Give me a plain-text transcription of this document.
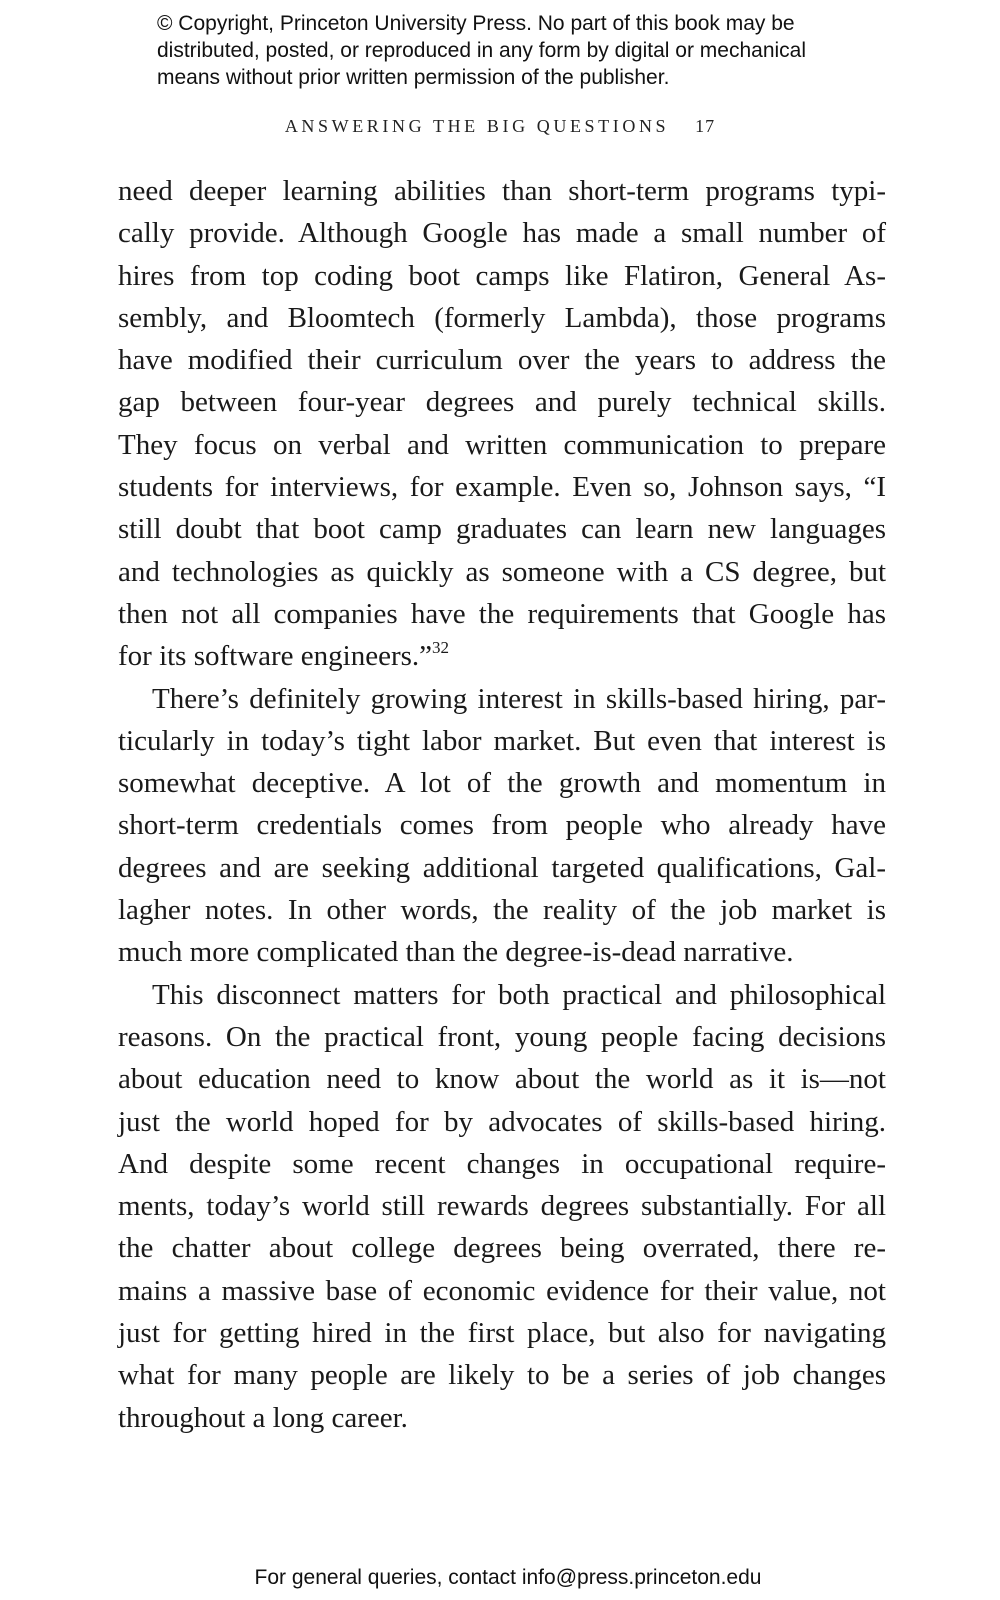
© Copyright, Princeton University Press. No part of this book may be
distributed, posted, or reproduced in any form by digital or mechanical
means without prior written permission of the publisher.
ANSWERING THE BIG QUESTIONS 17
need deeper learning abilities than short-term programs typi-
cally provide. Although Google has made a small number of
hires from top coding boot camps like Flatiron, General As-
sembly, and Bloomtech (formerly Lambda), those programs
have modified their curriculum over the years to address the
gap between four-year degrees and purely technical skills.
They focus on verbal and written communication to prepare
students for interviews, for example. Even so, Johnson says, “I
still doubt that boot camp graduates can learn new languages
and technologies as quickly as someone with a CS degree, but
then not all companies have the requirements that Google has
for its software engineers.”$^{32}$
There’s definitely growing interest in skills-based hiring, par-
ticularly in today’s tight labor market. But even that interest is
somewhat deceptive. A lot of the growth and momentum in
short-term credentials comes from people who already have
degrees and are seeking additional targeted qualifications, Gal-
lagher notes. In other words, the reality of the job market is
much more complicated than the degree-is-dead narrative.
This disconnect matters for both practical and philosophical
reasons. On the practical front, young people facing decisions
about education need to know about the world as it is—not
just the world hoped for by advocates of skills-based hiring.
And despite some recent changes in occupational require-
ments, today’s world still rewards degrees substantially. For all
the chatter about college degrees being overrated, there re-
mains a massive base of economic evidence for their value, not
just for getting hired in the first place, but also for navigating
what for many people are likely to be a series of job changes
throughout a long career.
For general queries, contact info@press.princeton.edu
